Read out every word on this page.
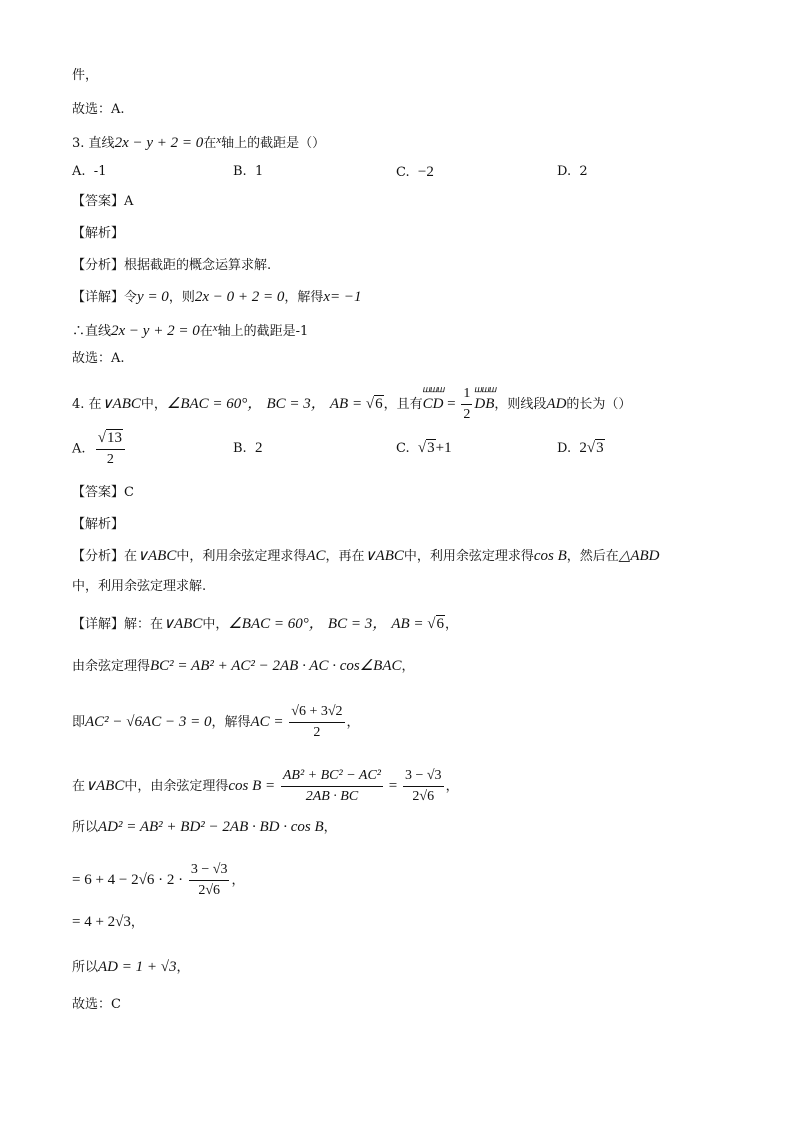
件，
故选：A.
3. 直线2x − y + 2 = 0在$^x$轴上的截距是（）
A. -1	B. 1	C. −2	D. 2
【答案】A
【解析】
【分析】根据截距的概念运算求解.
【详解】令y = 0，则2x − 0 + 2 = 0，解得x= −1
∴直线2x − y + 2 = 0在$^x$轴上的截距是-1
故选：A.
4. 在∨ABC中，∠BAC = 60°， BC = 3， AB = √6，且有
ꟺꟺꟺ
CD = $\frac{1}{2}$ ꟺꟺꟺ
DB，则线段AD的长为（）
A. $\frac{√13}{2}$	B. 2	C. √3+1	D. 2√3
【答案】C
【解析】
【分析】在∨ABC中，利用余弦定理求得AC，再在∨ABC中，利用余弦定理求得cos B，然后在△ABD
中，利用余弦定理求解.
【详解】解：在∨ABC中，∠BAC = 60°， BC = 3， AB = √6，
由余弦定理得BC² = AB² + AC² − 2AB · AC · cos∠BAC，
即AC² − √6AC − 3 = 0，解得AC = $\frac{√6 + 3√2}{2}$ ，
在∨ABC中，由余弦定理得$\cos B = \frac{\text{AB² + BC² − AC²}}{2AB \cdot BC} = \frac{3 - √3}{2√6}$ ，
所以AD² = AB² + BD² − 2AB · BD · cos B，
= $6 + 4 - 2√6 \cdot 2 \cdot \frac{3 - √3}{2√6}$ ，
= 4 + 2√3，
所以AD = 1 + √3，
故选：C
